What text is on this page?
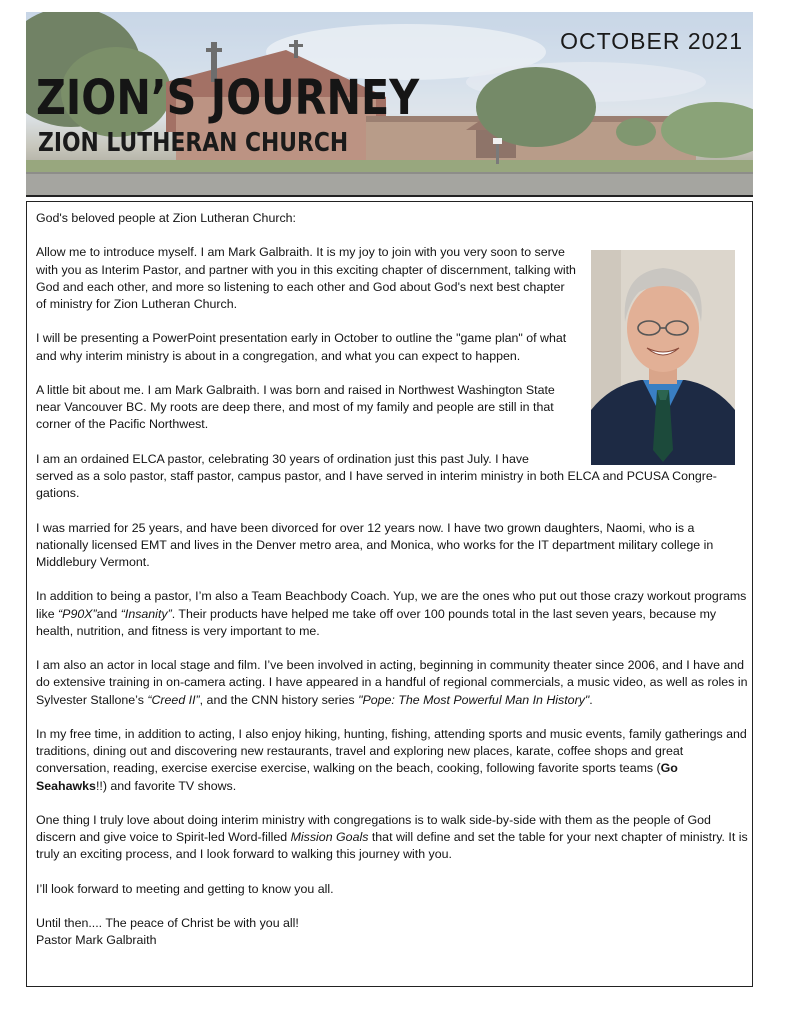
OCTOBER 2021
ZION’S JOURNEY
ZION LUTHERAN CHURCH

God's beloved people at Zion Lutheran Church:

Allow me to introduce myself. I am Mark Galbraith. It is my joy to join with you very soon to serve with you as Interim Pastor, and partner with you in this exciting chapter of discernment, talking with God and each other, and more so listening to each other and God about God's next best chapter of ministry for Zion Lutheran Church.

I will be presenting a PowerPoint presentation early in October to outline the "game plan" of what and why interim ministry is about in a congregation, and what you can expect to happen.

A little bit about me. I am Mark Galbraith. I was born and raised in Northwest Washington State near Vancouver BC. My roots are deep there, and most of my family and people are still in that corner of the Pacific Northwest.

I am an ordained ELCA pastor, celebrating 30 years of ordination just this past July. I have
served as a solo pastor, staff pastor, campus pastor, and I have served in interim ministry in both ELCA and PCUSA Congre-gations.

I was married for 25 years, and have been divorced for over 12 years now. I have two grown daughters, Naomi, who is a nationally licensed EMT and lives in the Denver metro area, and Monica, who works for the IT department military college in Middlebury Vermont.

In addition to being a pastor, I’m also a Team Beachbody Coach. Yup, we are the ones who put out those crazy workout programs like “P90X”and “Insanity”. Their products have helped me take off over 100 pounds total in the last seven years, because my health, nutrition, and fitness is very important to me.

I am also an actor in local stage and film. I’ve been involved in acting, beginning in community theater since 2006, and I have and do extensive training in on-camera acting. I have appeared in a handful of regional commercials, a music video, as well as roles in Sylvester Stallone’s “Creed II”, and the CNN history series "Pope: The Most Powerful Man In History".

In my free time, in addition to acting, I also enjoy hiking, hunting, fishing, attending sports and music events, family gatherings and traditions, dining out and discovering new restaurants, travel and exploring new places, karate, coffee shops and great conversation, reading, exercise exercise exercise, walking on the beach, cooking, following favorite sports teams (Go Seahawks!!) and favorite TV shows.

One thing I truly love about doing interim ministry with congregations is to walk side-by-side with them as the people of God discern and give voice to Spirit-led Word-filled Mission Goals that will define and set the table for your next chapter of ministry. It is truly an exciting process, and I look forward to walking this journey with you.

I’ll look forward to meeting and getting to know you all.

Until then.... The peace of Christ be with you all!

Pastor Mark Galbraith
